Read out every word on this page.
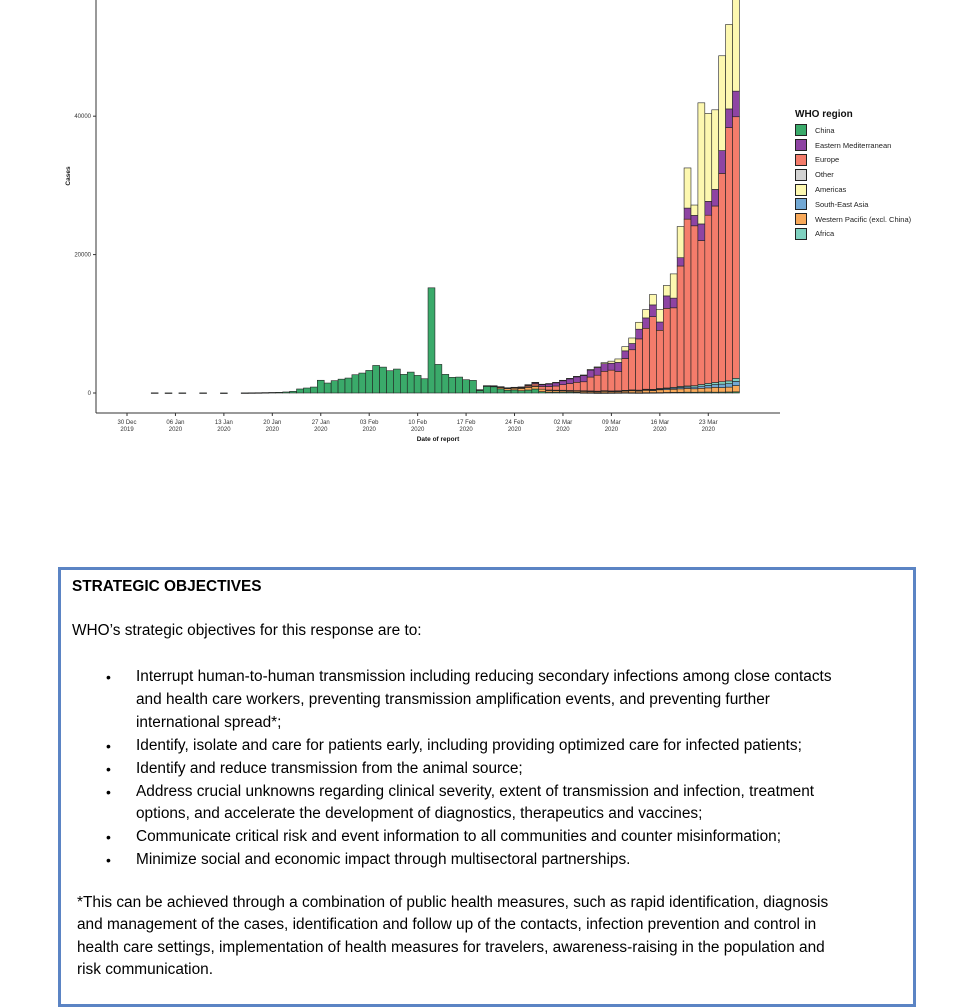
0
20000
40000
30 Dec
2019
06 Jan
2020
13 Jan
2020
20 Jan
2020
27 Jan
2020
03 Feb
2020
10 Feb
2020
17 Feb
2020
24 Feb
2020
02 Mar
2020
09 Mar
2020
16 Mar
2020
23 Mar
2020
Date of report
Cases
WHO region
China
Eastern Mediterranean
Europe
Other
Americas
South-East Asia
Western Pacific (excl. China)
Africa
STRATEGIC OBJECTIVES
WHO’s strategic objectives for this response are to:
• Interrupt human-to-human transmission including reducing secondary infections among close contacts
and health care workers, preventing transmission amplification events, and preventing further
international spread*;
• Identify, isolate and care for patients early, including providing optimized care for infected patients;
• Identify and reduce transmission from the animal source;
• Address crucial unknowns regarding clinical severity, extent of transmission and infection, treatment
options, and accelerate the development of diagnostics, therapeutics and vaccines;
• Communicate critical risk and event information to all communities and counter misinformation;
• Minimize social and economic impact through multisectoral partnerships.
*This can be achieved through a combination of public health measures, such as rapid identification, diagnosis
and management of the cases, identification and follow up of the contacts, infection prevention and control in
health care settings, implementation of health measures for travelers, awareness-raising in the population and
risk communication.
